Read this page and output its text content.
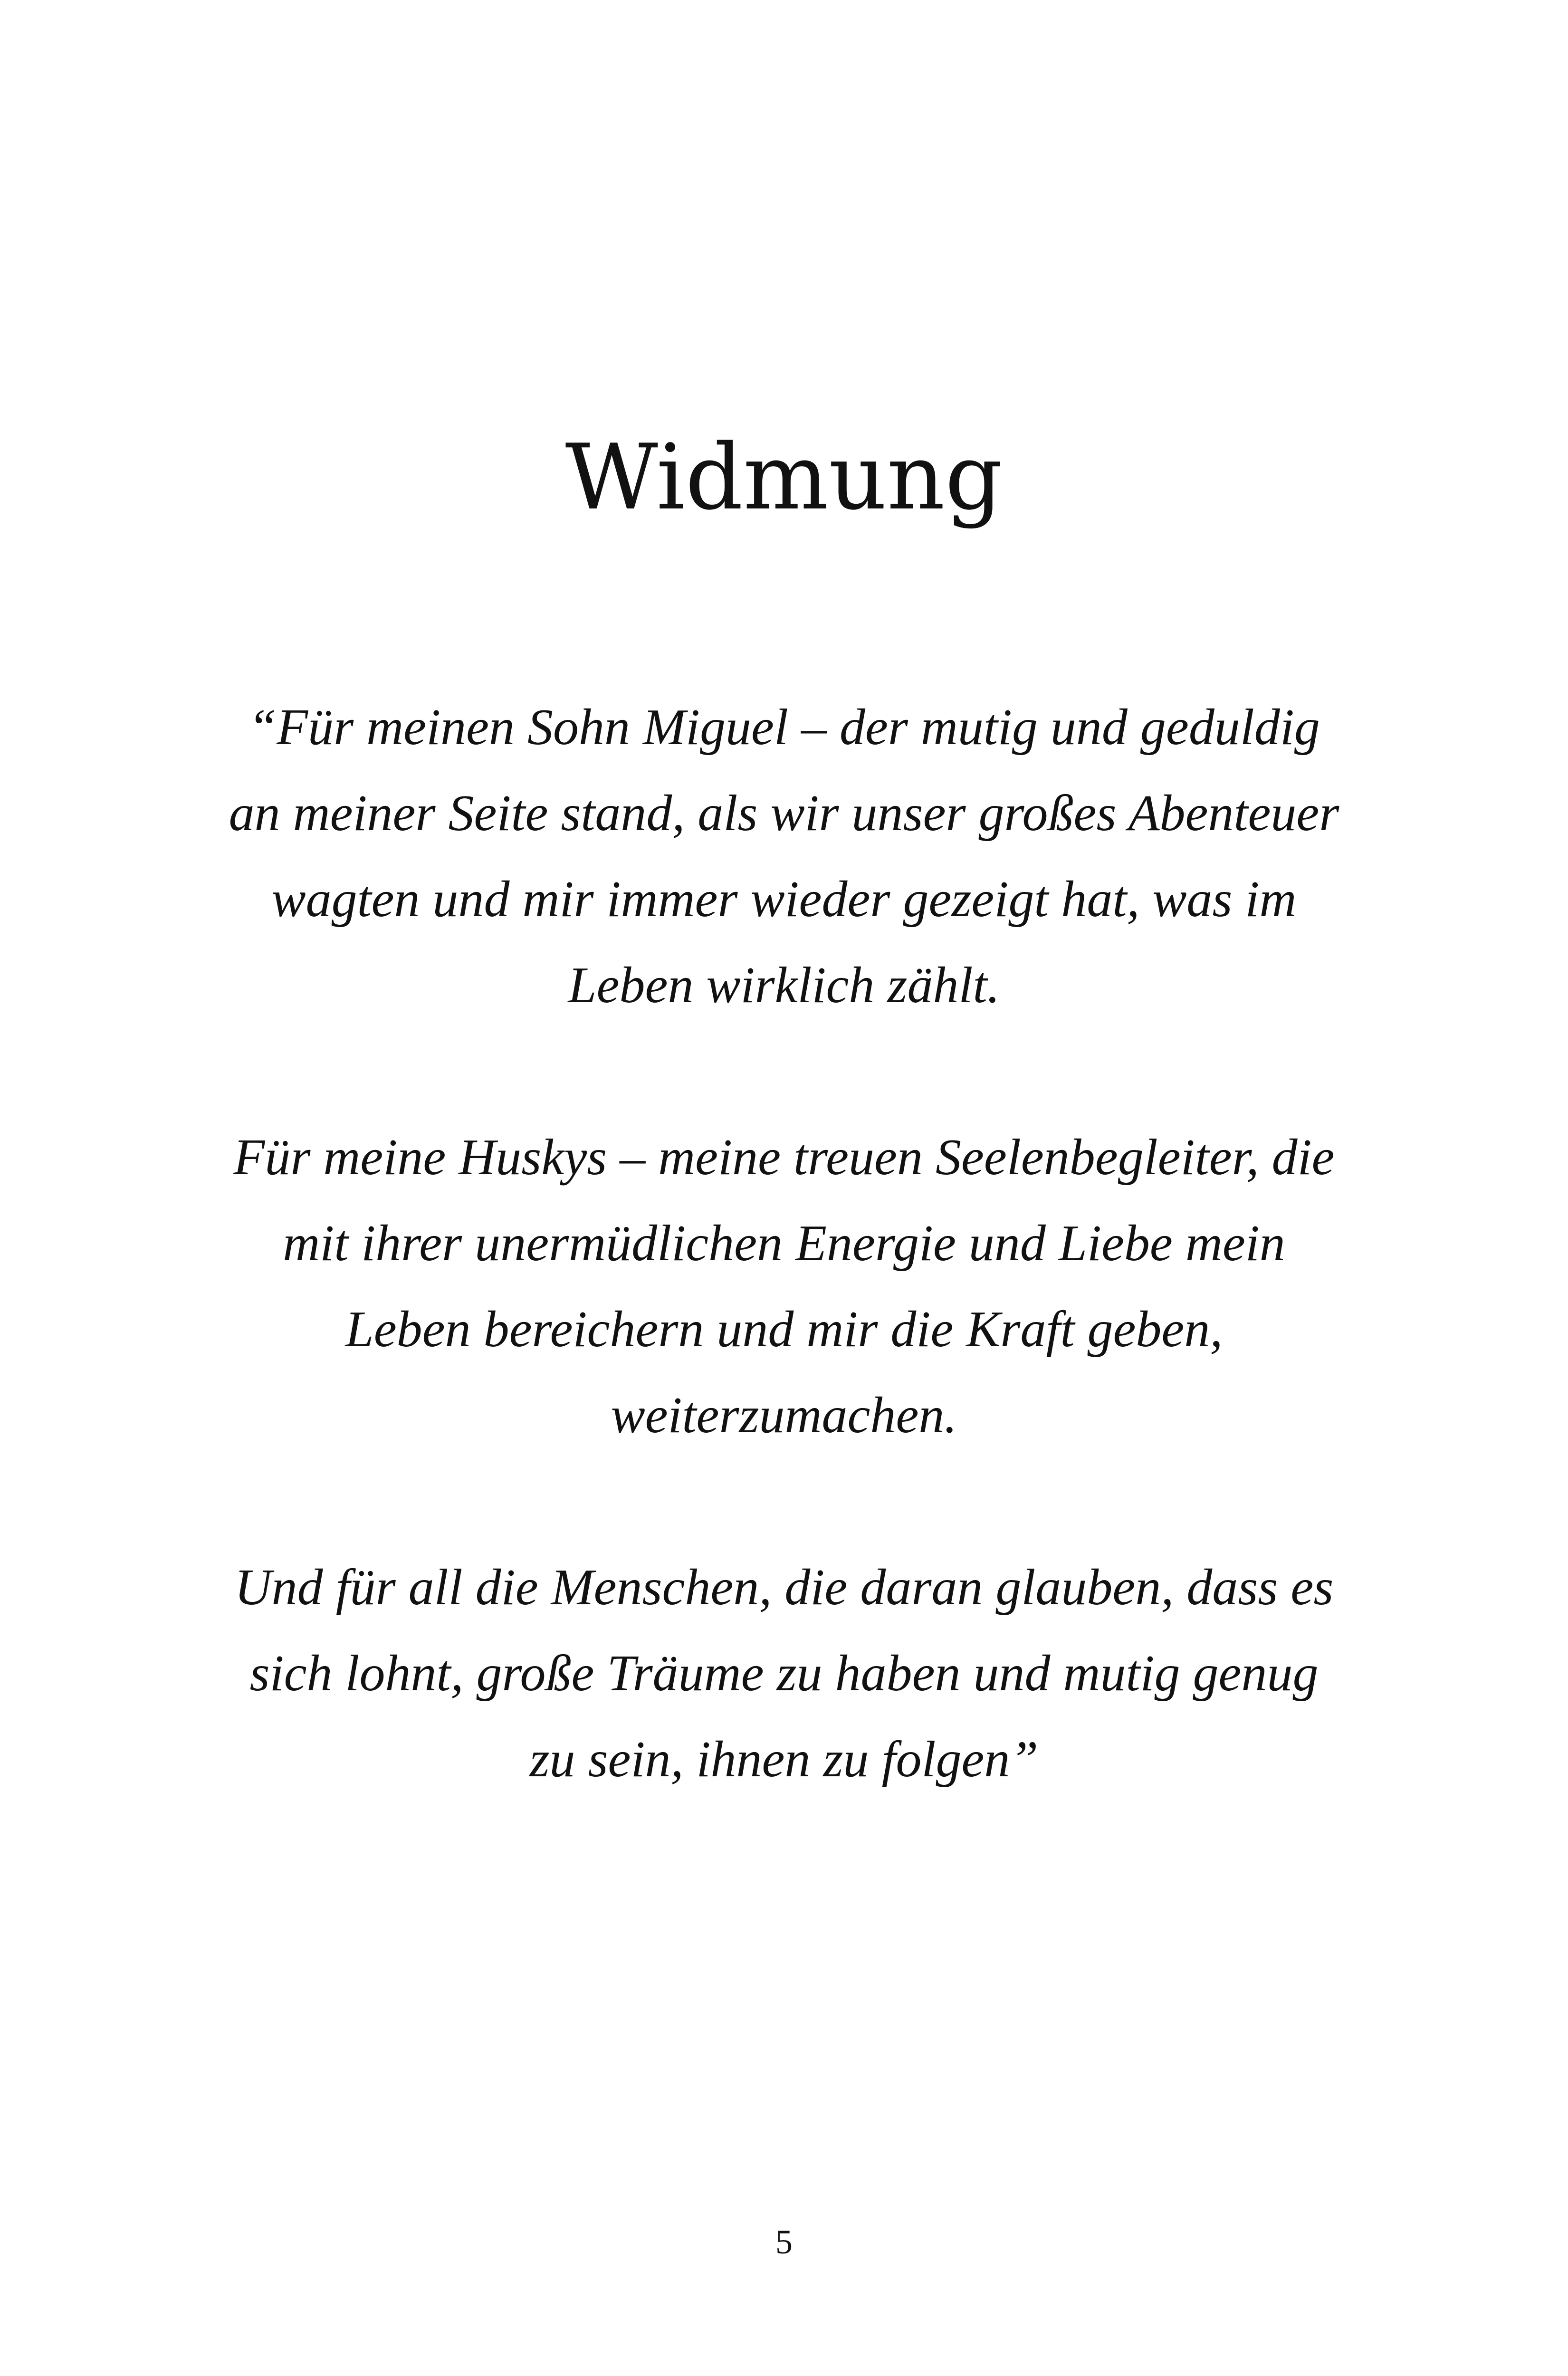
Widmung

“Für meinen Sohn Miguel – der mutig und geduldig
an meiner Seite stand, als wir unser großes Abenteuer
wagten und mir immer wieder gezeigt hat, was im
Leben wirklich zählt.

Für meine Huskys – meine treuen Seelenbegleiter, die
mit ihrer unermüdlichen Energie und Liebe mein
Leben bereichern und mir die Kraft geben,
weiterzumachen.

Und für all die Menschen, die daran glauben, dass es
sich lohnt, große Träume zu haben und mutig genug
zu sein, ihnen zu folgen”

5
